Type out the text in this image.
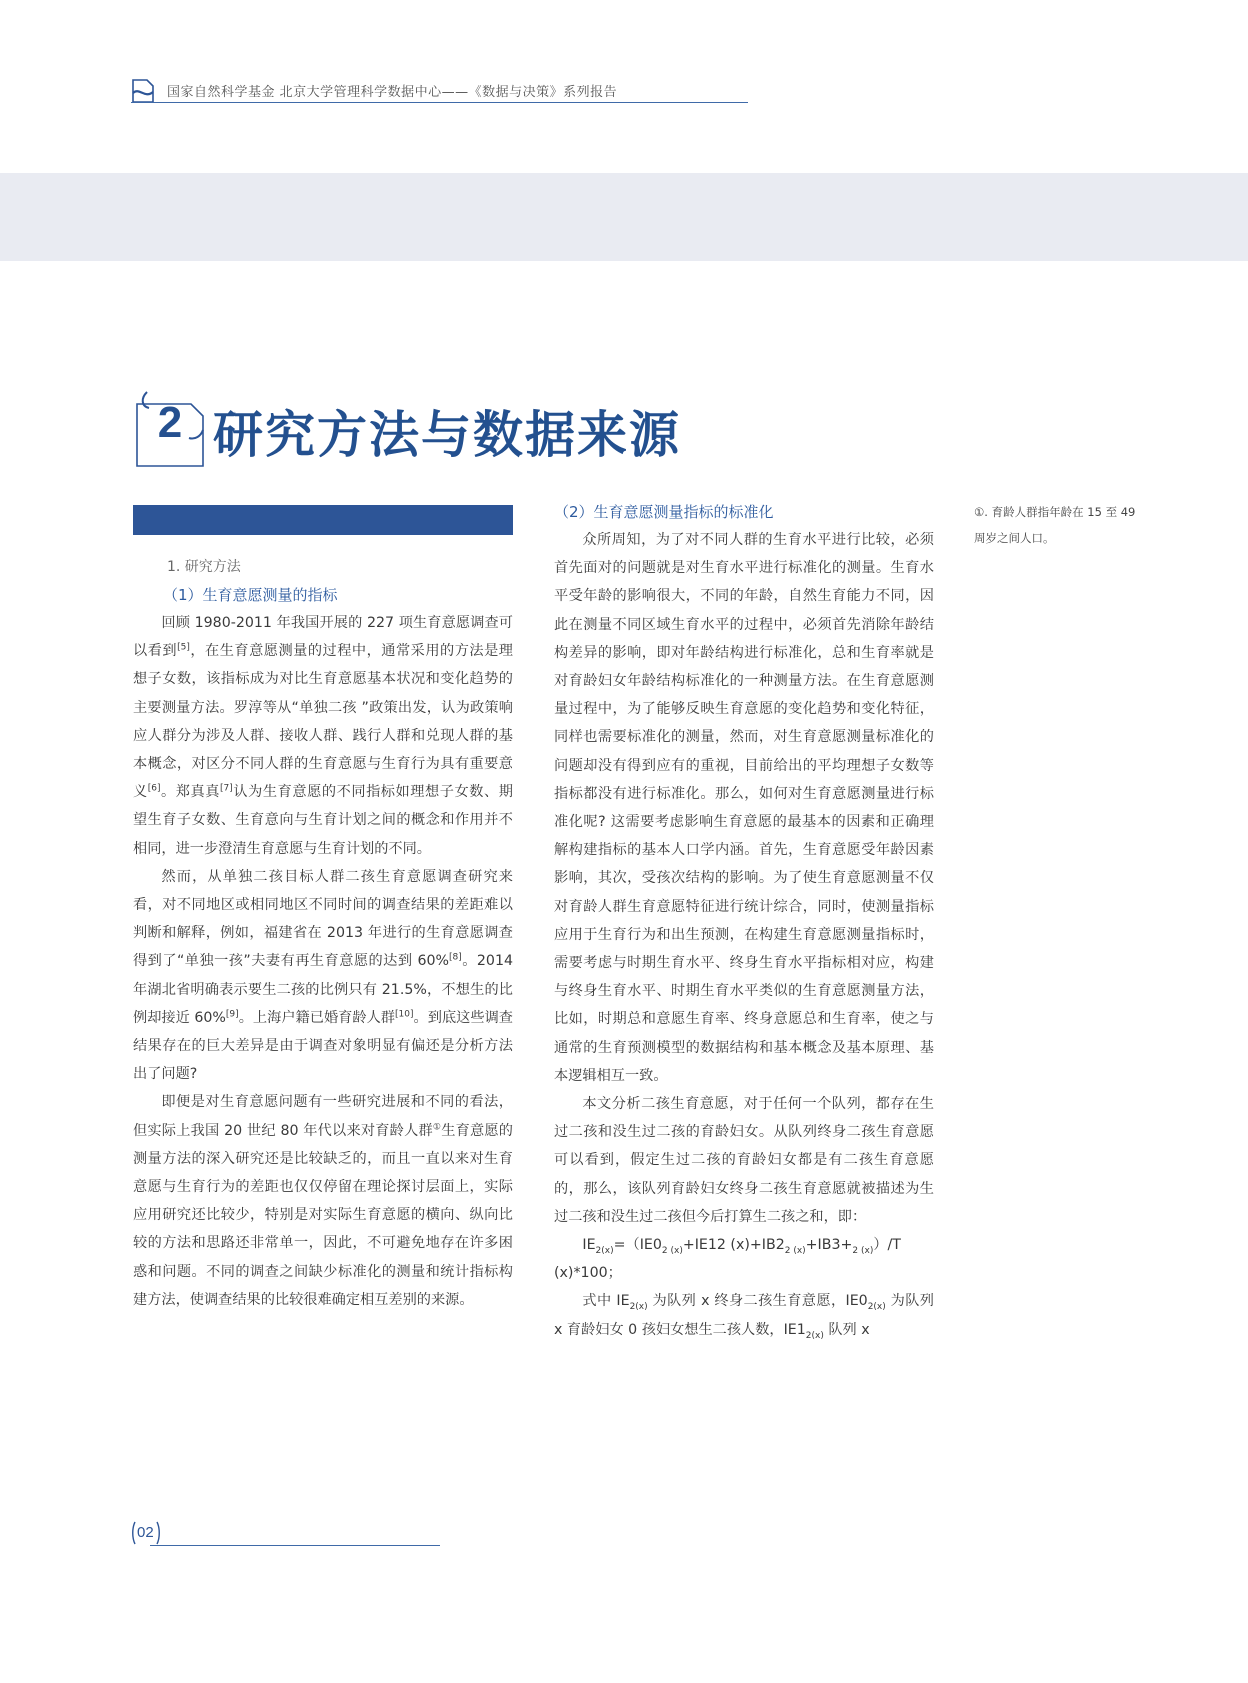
国家自然科学基金 北京大学管理科学数据中心——《数据与决策》系列报告
2 研究方法与数据来源
1. 研究方法
（1）生育意愿测量的指标

回顾 1980-2011 年我国开展的 227 项生育意愿调查可以看到[5]，在生育意愿测量的过程中，通常采用的方法是理想子女数，该指标成为对比生育意愿基本状况和变化趋势的主要测量方法。罗淳等从“单独二孩 ”政策出发，认为政策响应人群分为涉及人群、接收人群、践行人群和兑现人群的基本概念，对区分不同人群的生育意愿与生育行为具有重要意义[6]。郑真真[7]认为生育意愿的不同指标如理想子女数、期望生育子女数、生育意向与生育计划之间的概念和作用并不相同，进一步澄清生育意愿与生育计划的不同。

然而，从单独二孩目标人群二孩生育意愿调查研究来看，对不同地区或相同地区不同时间的调查结果的差距难以判断和解释，例如，福建省在 2013 年进行的生育意愿调查得到了“单独一孩”夫妻有再生育意愿的达到 60%[8]。2014 年湖北省明确表示要生二孩的比例只有 21.5%，不想生的比例却接近 60%[9]。上海户籍已婚育龄人群[10]。到底这些调查结果存在的巨大差异是由于调查对象明显有偏还是分析方法出了问题?

即便是对生育意愿问题有一些研究进展和不同的看法，但实际上我国 20 世纪 80 年代以来对育龄人群①生育意愿的测量方法的深入研究还是比较缺乏的，而且一直以来对生育意愿与生育行为的差距也仅仅停留在理论探讨层面上，实际应用研究还比较少，特别是对实际生育意愿的横向、纵向比较的方法和思路还非常单一，因此，不可避免地存在许多困惑和问题。不同的调查之间缺少标准化的测量和统计指标构建方法，使调查结果的比较很难确定相互差别的来源。

（2）生育意愿测量指标的标准化

众所周知，为了对不同人群的生育水平进行比较，必须首先面对的问题就是对生育水平进行标准化的测量。生育水平受年龄的影响很大，不同的年龄，自然生育能力不同，因此在测量不同区域生育水平的过程中，必须首先消除年龄结构差异的影响，即对年龄结构进行标准化，总和生育率就是对育龄妇女年龄结构标准化的一种测量方法。在生育意愿测量过程中，为了能够反映生育意愿的变化趋势和变化特征，同样也需要标准化的测量，然而，对生育意愿测量标准化的问题却没有得到应有的重视，目前给出的平均理想子女数等指标都没有进行标准化。那么，如何对生育意愿测量进行标准化呢? 这需要考虑影响生育意愿的最基本的因素和正确理解构建指标的基本人口学内涵。首先，生育意愿受年龄因素影响，其次，受孩次结构的影响。为了使生育意愿测量不仅对育龄人群生育意愿特征进行统计综合，同时，使测量指标应用于生育行为和出生预测，在构建生育意愿测量指标时，需要考虑与时期生育水平、终身生育水平指标相对应，构建与终身生育水平、时期生育水平类似的生育意愿测量方法，比如，时期总和意愿生育率、终身意愿总和生育率，使之与通常的生育预测模型的数据结构和基本概念及基本原理、基本逻辑相互一致。

本文分析二孩生育意愿，对于任何一个队列，都存在生过二孩和没生过二孩的育龄妇女。从队列终身二孩生育意愿可以看到，假定生过二孩的育龄妇女都是有二孩生育意愿的，那么，该队列育龄妇女终身二孩生育意愿就被描述为生过二孩和没生过二孩但今后打算生二孩之和，即：

$IE_{2(x)}=(IE0_{2 (x)}+IE12$ $(x)+IB2_{2 (x)}+IB3+_{2 (x)})/T$ (x)*100；

式中 $IE_{2(x)}$ 为队列 x 终身二孩生育意愿，$IE0_{2(x)}$ 为队列 x 育龄妇女 0 孩妇女想生二孩人数，$IE1_{2(x)}$ 队列 x

①. 育龄人群指年龄在 15 至 49 周岁之间人口。
02
